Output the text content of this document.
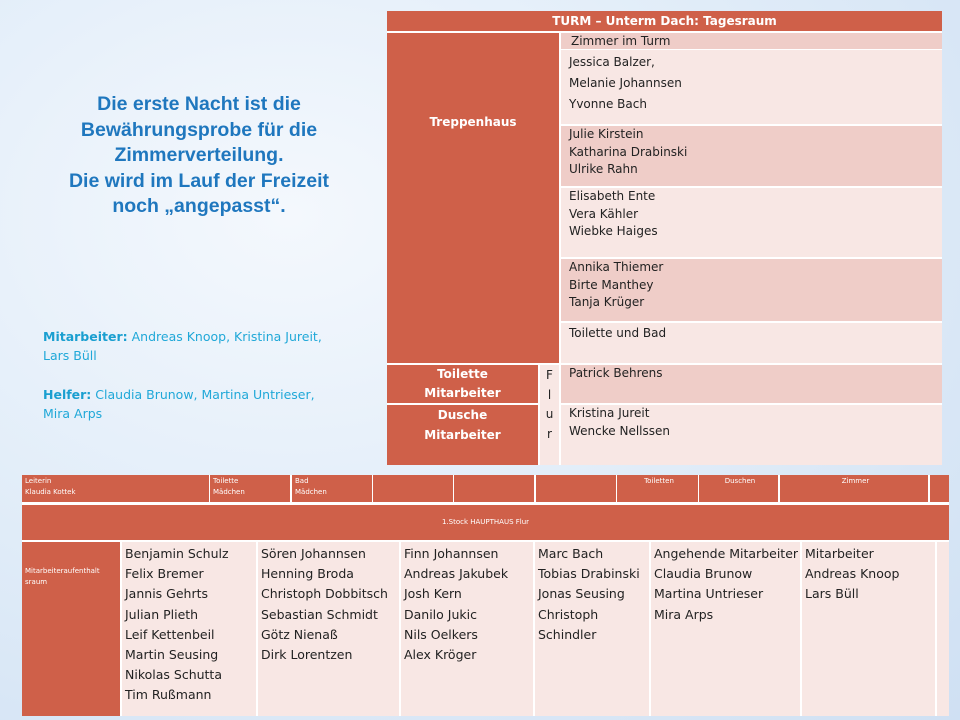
Die erste Nacht ist die
Bewährungsprobe für die
Zimmerverteilung.
Die wird im Lauf der Freizeit
noch „angepasst“.
Mitarbeiter: Andreas Knoop, Kristina Jureit,
Lars Büll
Helfer: Claudia Brunow, Martina Untrieser,
Mira Arps
TURM – Unterm Dach: Tagesraum
Treppenhaus
Zimmer im Turm
Jessica Balzer,
Melanie Johannsen
Yvonne Bach
Julie Kirstein
Katharina Drabinski
Ulrike Rahn
Elisabeth Ente
Vera Kähler
Wiebke Haiges
Annika Thiemer
Birte Manthey
Tanja Krüger
Toilette und Bad
Toilette
Mitarbeiter
Dusche
Mitarbeiter
F
l
u
r
Patrick Behrens
Kristina Jureit
Wencke Nellssen
Leiterin
Klaudia Kottek
Toilette
Mädchen
Bad
Mädchen
Toiletten	Duschen	Zimmer
1.Stock HAUPTHAUS Flur
Mitarbeiteraufenthalt
sraum
Benjamin Schulz
Felix Bremer
Jannis Gehrts
Julian Plieth
Leif Kettenbeil
Martin Seusing
Nikolas Schutta
Tim Rußmann
Sören Johannsen
Henning Broda
Christoph Dobbitsch
Sebastian Schmidt
Götz Nienaß
Dirk Lorentzen
Finn Johannsen
Andreas Jakubek
Josh Kern
Danilo Jukic
Nils Oelkers
Alex Kröger
Marc Bach
Tobias Drabinski
Jonas Seusing
Christoph
Schindler
Angehende Mitarbeiter
Claudia Brunow
Martina Untrieser
Mira Arps
Mitarbeiter
Andreas Knoop
Lars Büll
